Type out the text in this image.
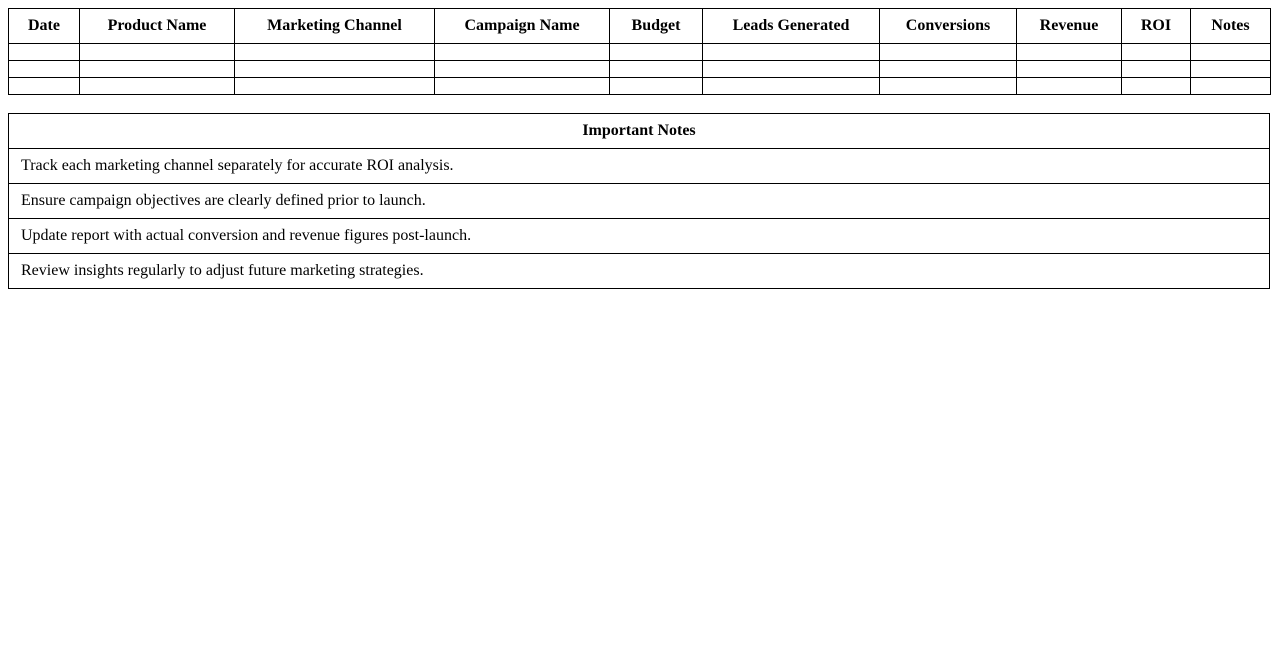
Date	Product Name	Marketing Channel	Campaign Name	Budget	Leads Generated	Conversions	Revenue	ROI	Notes

Important Notes
Track each marketing channel separately for accurate ROI analysis.
Ensure campaign objectives are clearly defined prior to launch.
Update report with actual conversion and revenue figures post-launch.
Review insights regularly to adjust future marketing strategies.
